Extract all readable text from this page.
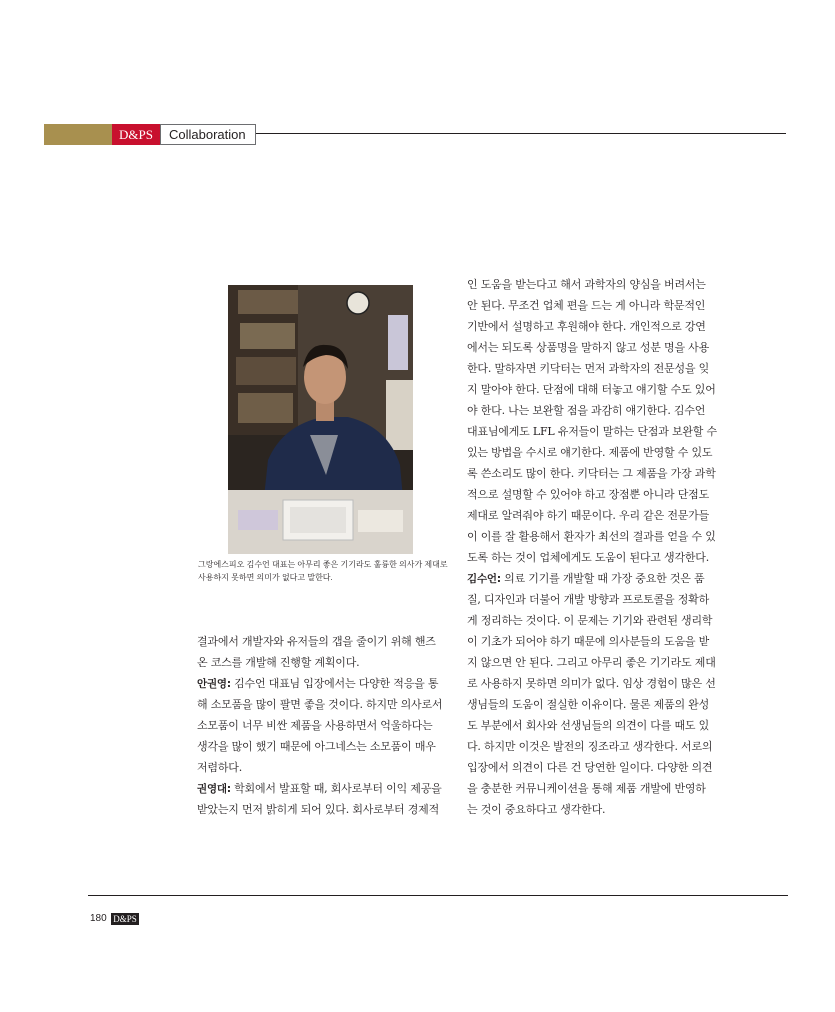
D&PS	Collaboration
그랑에스피오 김수언 대표는 아무리 좋은 기기라도 훌륭한 의사가 제대로
사용하지 못하면 의미가 없다고 말한다.

결과에서 개발자와 유저들의 갭을 줄이기 위해 핸즈

온 코스를 개발해 진행할 계획이다.

안권영: 김수언 대표님 입장에서는 다양한 적응을 통

해 소모품을 많이 팔면 좋을 것이다. 하지만 의사로서

소모품이 너무 비싼 제품을 사용하면서 억울하다는

생각을 많이 했기 때문에 아그네스는 소모품이 매우

저렴하다.

권영대: 학회에서 발표할 때, 회사로부터 이익 제공을

받았는지 먼저 밝히게 되어 있다. 회사로부터 경제적

인 도움을 받는다고 해서 과학자의 양심을 버려서는

안 된다. 무조건 업체 편을 드는 게 아니라 학문적인

기반에서 설명하고 후원해야 한다. 개인적으로 강연

에서는 되도록 상품명을 말하지 않고 성분 명을 사용

한다. 말하자면 키닥터는 먼저 과학자의 전문성을 잊

지 말아야 한다. 단점에 대해 터놓고 얘기할 수도 있어

야 한다. 나는 보완할 점을 과감히 얘기한다. 김수언

대표님에게도 LFL 유저들이 말하는 단점과 보완할 수

있는 방법을 수시로 얘기한다. 제품에 반영할 수 있도

록 쓴소리도 많이 한다. 키닥터는 그 제품을 가장 과학

적으로 설명할 수 있어야 하고 장점뿐 아니라 단점도

제대로 알려줘야 하기 때문이다. 우리 같은 전문가들

이 이를 잘 활용해서 환자가 최선의 결과를 얻을 수 있

도록 하는 것이 업체에게도 도움이 된다고 생각한다.

김수언: 의료 기기를 개발할 때 가장 중요한 것은 품

질, 디자인과 더불어 개발 방향과 프로토콜을 정확하

게 정리하는 것이다. 이 문제는 기기와 관련된 생리학

이 기초가 되어야 하기 때문에 의사분들의 도움을 받

지 않으면 안 된다. 그리고 아무리 좋은 기기라도 제대

로 사용하지 못하면 의미가 없다. 임상 경험이 많은 선

생님들의 도움이 절실한 이유이다. 물론 제품의 완성

도 부분에서 회사와 선생님들의 의견이 다를 때도 있

다. 하지만 이것은 발전의 징조라고 생각한다. 서로의

입장에서 의견이 다른 건 당연한 일이다. 다양한 의견

을 충분한 커뮤니케이션을 통해 제품 개발에 반영하

는 것이 중요하다고 생각한다.

180 D&PS
